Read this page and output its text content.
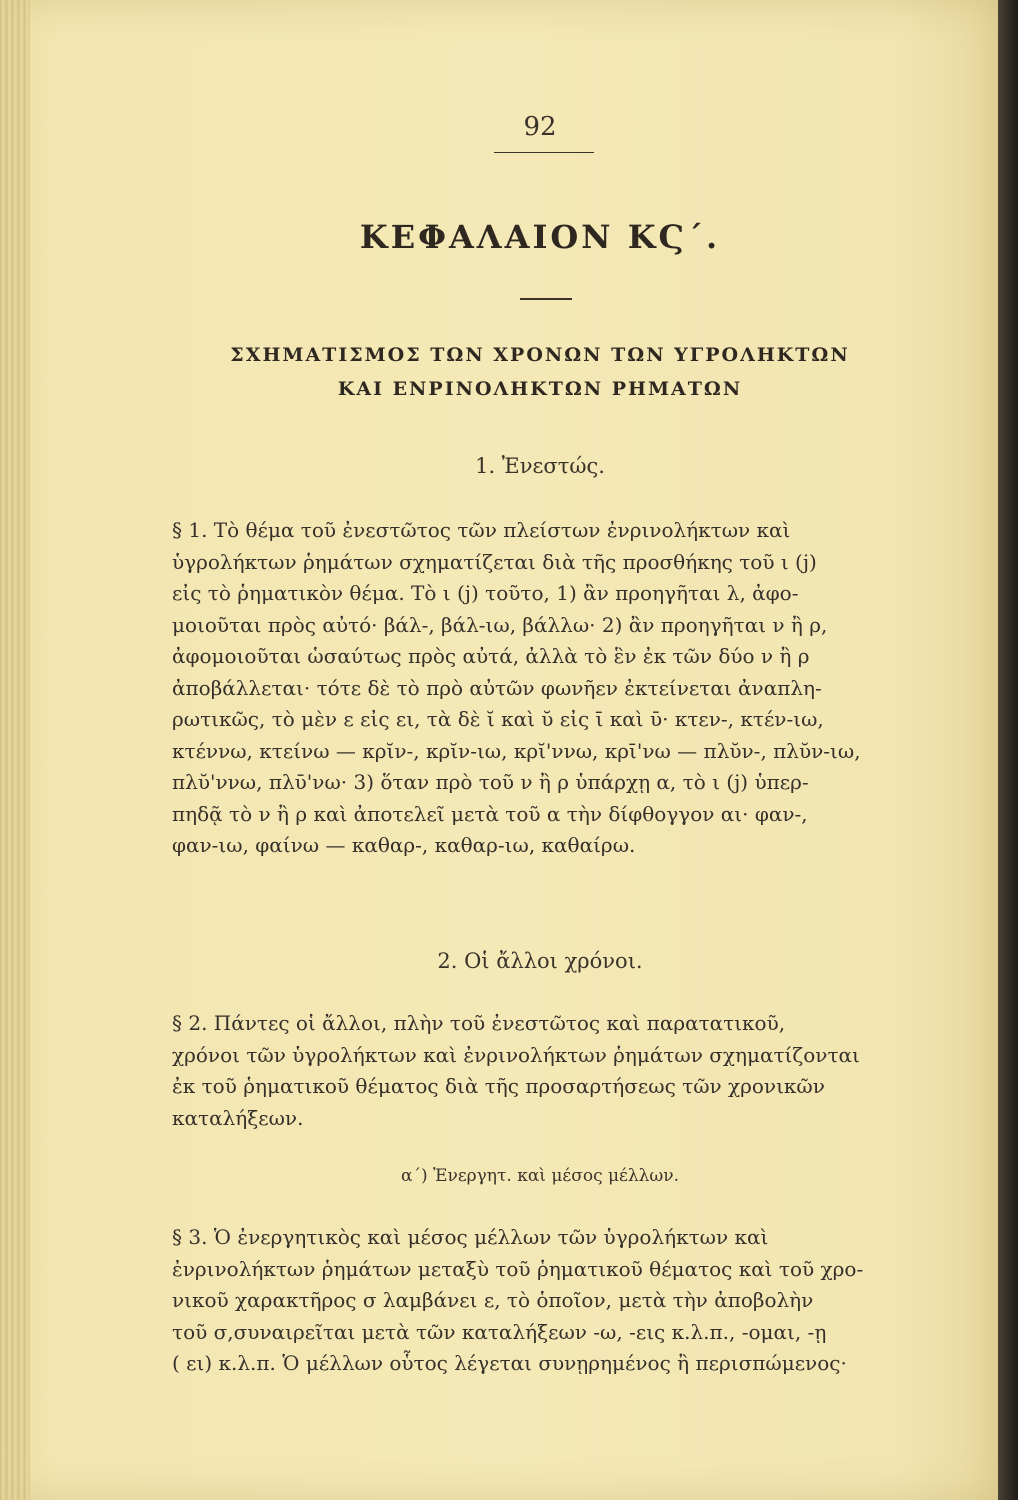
92
ΚΕΦΑΛΑΙΟΝ ΚϚ΄.
ΣΧΗΜΑΤΙΣΜΟΣ ΤΩΝ ΧΡΟΝΩΝ ΤΩΝ ΥΓΡΟΛΗΚΤΩΝ
ΚΑΙ ΕΝΡΙΝΟΛΗΚΤΩΝ ΡΗΜΑΤΩΝ
1. Ἐνεστώς.
§ 1. Τὸ θέμα τοῦ ἐνεστῶτος τῶν πλείστων ἐνρινολήκτων καὶ
ὑγρολήκτων ῥημάτων σχηματίζεται διὰ τῆς προσθήκης τοῦ ι (j)
εἰς τὸ ῥηματικὸν θέμα. Τὸ ι (j) τοῦτο, 1) ἂν προηγῆται λ, ἀφο-
μοιοῦται πρὸς αὐτό· βάλ-, βάλ-ιω, βάλλω· 2) ἂν προηγῆται ν ἢ ρ,
ἀφομοιοῦται ὡσαύτως πρὸς αὐτά, ἀλλὰ τὸ ἓν ἐκ τῶν δύο ν ἢ ρ
ἀποβάλλεται· τότε δὲ τὸ πρὸ αὐτῶν φωνῆεν ἐκτείνεται ἀναπλη-
ρωτικῶς, τὸ μὲν ε εἰς ει, τὰ δὲ ῐ καὶ ῠ εἰς ῑ καὶ ῡ· κτεν-, κτέν-ιω,
κτέννω, κτείνω — κρῐν-, κρῐν-ιω, κρῐ'ννω, κρῑ'νω — πλῠν-, πλῠν-ιω,
πλῠ'ννω, πλῡ'νω· 3) ὅταν πρὸ τοῦ ν ἢ ρ ὑπάρχῃ α, τὸ ι (j) ὑπερ-
πηδᾷ τὸ ν ἢ ρ καὶ ἀποτελεῖ μετὰ τοῦ α τὴν δίφθογγον αι· φαν-,
φαν-ιω, φαίνω — καθαρ-, καθαρ-ιω, καθαίρω.
2. Οἱ ἄλλοι χρόνοι.
§ 2. Πάντες οἱ ἄλλοι, πλὴν τοῦ ἐνεστῶτος καὶ παρατατικοῦ,
χρόνοι τῶν ὑγρολήκτων καὶ ἐνρινολήκτων ῥημάτων σχηματίζονται
ἐκ τοῦ ῥηματικοῦ θέματος διὰ τῆς προσαρτήσεως τῶν χρονικῶν
καταλήξεων.
α΄) Ἐνεργητ. καὶ μέσος μέλλων.
§ 3. Ὁ ἐνεργητικὸς καὶ μέσος μέλλων τῶν ὑγρολήκτων καὶ
ἐνρινολήκτων ῥημάτων μεταξὺ τοῦ ῥηματικοῦ θέματος καὶ τοῦ χρο-
νικοῦ χαρακτῆρος σ λαμβάνει ε, τὸ ὁποῖον, μετὰ τὴν ἀποβολὴν
τοῦ σ,συναιρεῖται μετὰ τῶν καταλήξεων -ω, -εις κ.λ.π., -ομαι, -ῃ
( ει) κ.λ.π. Ὁ μέλλων οὗτος λέγεται συνῃρημένος ἢ περισπώμενος·
